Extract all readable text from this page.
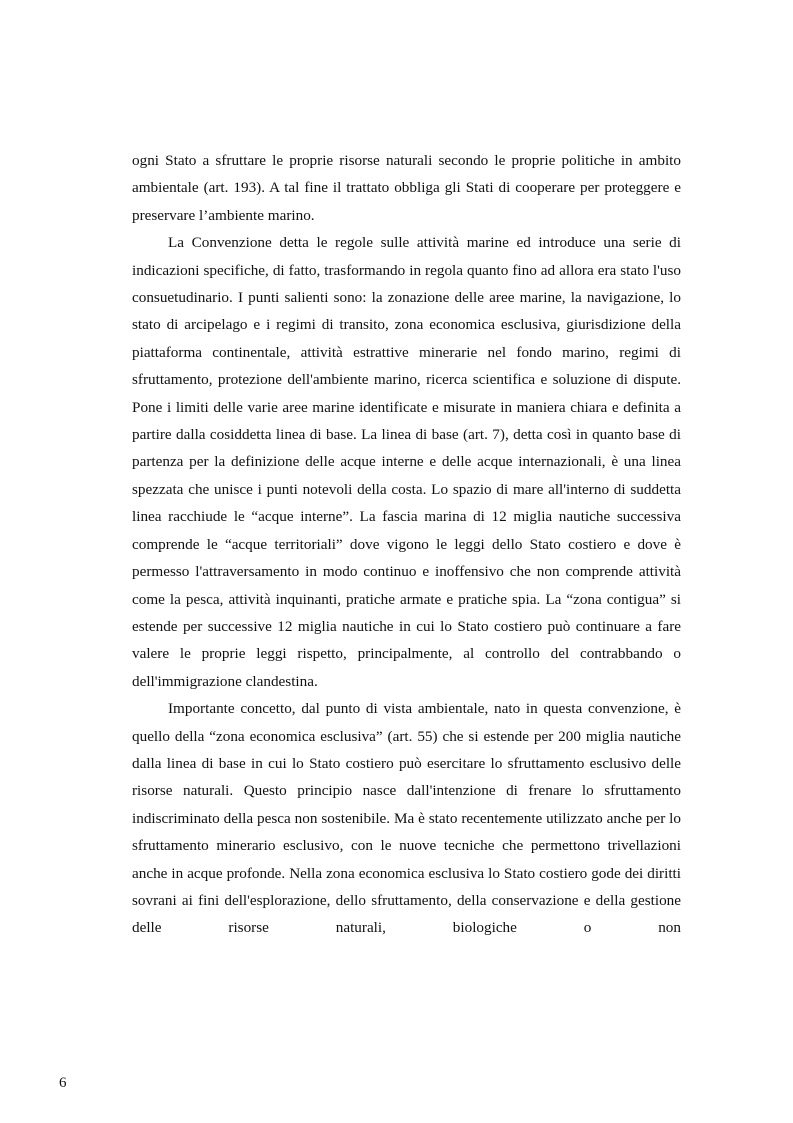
ogni Stato a sfruttare le proprie risorse naturali secondo le proprie politiche in ambito ambientale (art. 193). A tal fine il trattato obbliga gli Stati di cooperare per proteggere e preservare l’ambiente marino.

La Convenzione detta le regole sulle attività marine ed introduce una serie di indicazioni specifiche, di fatto, trasformando in regola quanto fino ad allora era stato l'uso consuetudinario. I punti salienti sono: la zonazione delle aree marine, la navigazione, lo stato di arcipelago e i regimi di transito, zona economica esclusiva, giurisdizione della piattaforma continentale, attività estrattive minerarie nel fondo marino, regimi di sfruttamento, protezione dell'ambiente marino, ricerca scientifica e soluzione di dispute. Pone i limiti delle varie aree marine identificate e misurate in maniera chiara e definita a partire dalla cosiddetta linea di base. La linea di base (art. 7), detta così in quanto base di partenza per la definizione delle acque interne e delle acque internazionali, è una linea spezzata che unisce i punti notevoli della costa. Lo spazio di mare all'interno di suddetta linea racchiude le “acque interne”. La fascia marina di 12 miglia nautiche successiva comprende le “acque territoriali” dove vigono le leggi dello Stato costiero e dove è permesso l'attraversamento in modo continuo e inoffensivo che non comprende attività come la pesca, attività inquinanti, pratiche armate e pratiche spia. La “zona contigua” si estende per successive 12 miglia nautiche in cui lo Stato costiero può continuare a fare valere le proprie leggi rispetto, principalmente, al controllo del contrabbando o dell'immigrazione clandestina.

Importante concetto, dal punto di vista ambientale, nato in questa convenzione, è quello della “zona economica esclusiva” (art. 55) che si estende per 200 miglia nautiche dalla linea di base in cui lo Stato costiero può esercitare lo sfruttamento esclusivo delle risorse naturali. Questo principio nasce dall'intenzione di frenare lo sfruttamento indiscriminato della pesca non sostenibile. Ma è stato recentemente utilizzato anche per lo sfruttamento minerario esclusivo, con le nuove tecniche che permettono trivellazioni anche in acque profonde. Nella zona economica esclusiva lo Stato costiero gode dei diritti sovrani ai fini dell'esplorazione, dello sfruttamento, della conservazione e della gestione delle risorse naturali, biologiche o non

6
